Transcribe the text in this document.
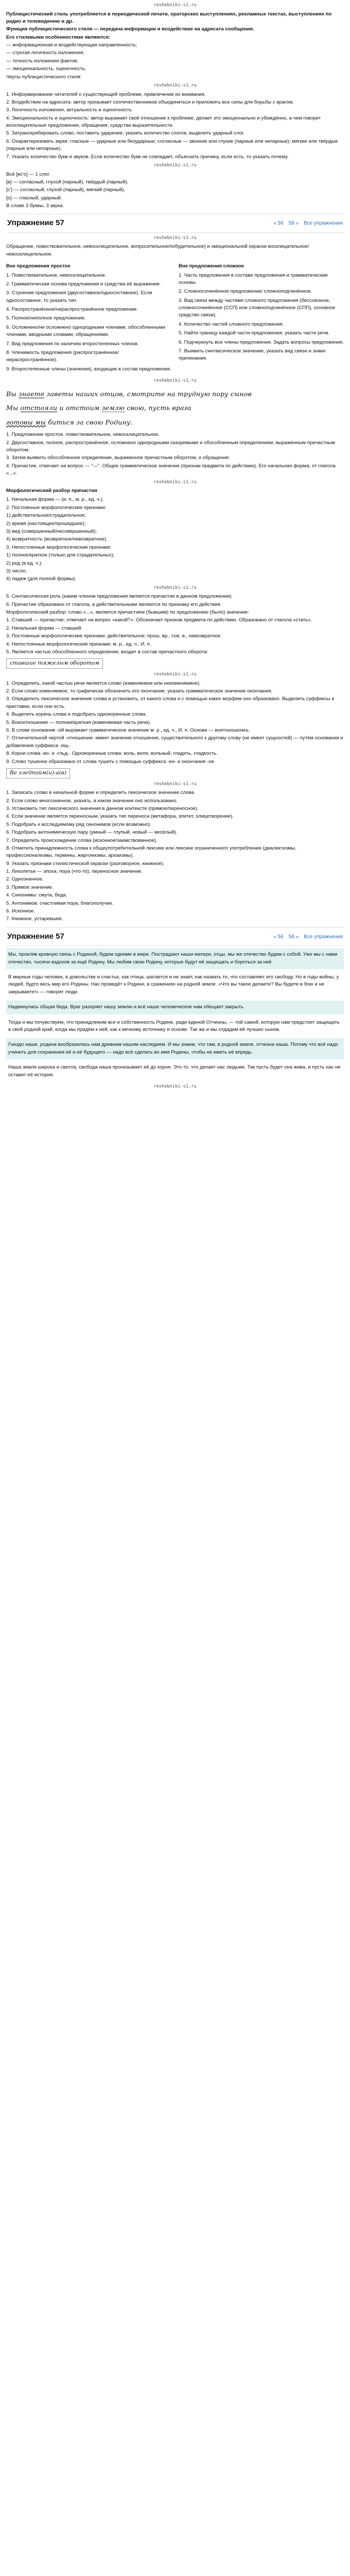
reshebniki-s1.ru

Публицистический стиль употребляется в периодической печати, ораторских выступлениях, рекламных текстах, выступлениях по радио и телевидению и др.

Функция публицистического стиля — передача информации и воздействие на адресата сообщения.

Его стилевыми особенностями являются:

— информационная и воздействующая направленность;

— строгая логичность изложения;

— точность изложения фактов;

— эмоциональность, оценочность.

Черты публицистического стиля:

reshebniki-s1.ru

1. Информирование читателей о существующей проблеме, привлечение их внимания.

2. Воздействие на адресата: автор призывает соотечественников объединиться и приложить все силы для борьбы с врагом.

3. Логичность изложения, актуальность и оценочность.

4. Эмоциональность и оценочность: автор выражает своё отношение к проблеме, делает это эмоционально и убеждённо, а чем говорит восклицательные предложения, обращения, средства выразительности.

5. Затранскрибировать слово, поставить ударение, указать количество слогов, выделить ударный слог.

6. Охарактеризовать звуки: гласные — ударные или безударные; согласные — звонкие или глухие (парные или непарные); мягкие или твёрдые (парные или непарные).

7. Указать количество букв и звуков. Если количество букв не совпадает, объяснить причину, если есть, то указать почему.

reshebniki-s1.ru

Всё [вс'о] — 1 слог.

[в] — согласный, глухой (парный), твёрдый (парный).

[с'] — согласный, глухой (парный), мягкий (парный).

[о] — гласный, ударный.

В слове 3 буквы, 3 звука.

Упражнение 57	« 56 58 » Все упражнения
reshebniki-s1.ru

Обращение, повествовательное, невосклицательное, вопросительное/побудительное) и эмоциональной окраски восклицательное/невосклицательное.

Вне предложения простое

1. Повествовательное, невосклицательное.

2. Грамматическая основа предложения и средства её выражения.

3. Строение предложения (двусоставное/односоставное). Если односоставное, то указать тип.

4. Распространённое/нераспространённое предложение.

5. Полное/неполное предложение.

6. Осложнено/не осложнено однородными членами, обособленными членами, вводными словами, обращениями.

7. Вид предложения по наличию второстепенных членов.

8. Членимость предложения (распространённое/ нераспространённое).

9. Второстепенные члены (значения), входящие в состав предложения.

Вне предложения сложное

1. Часть предложения в составе предложения и грамматические основы.

2. Сложносочинённое предложение/ сложноподчинённое.

3. Вид связи между частями сложного предложения (бессоюзное, сложносочинённое (ССП) или сложноподчинённое (СПП), основное средство связи).

4. Количество частей сложного предложения.

5. Найти границу каждой части предложения, указать части речи.

6. Подчеркнуть все члены предложения. Задать вопросы предложения.

7. Выявить синтаксическое значение, указать вид связи и знаки препинания.

reshebniki-s1.ru
Вы знаете заветы наших отцов, смотрите на трудную пору сынов
Мы отстояли и отстоим землю свою, пусть врага
готовы мы биться за свою Родину.

1. Предложение простое, повествовательное, невосклицательное.

2. Двусоставное, полное, распространённое, осложнено однородными сказуемыми и обособленным определением, выраженным причастным оборотом.

3. Затем выявить обособленное определение, выраженное причастным оборотом, и обращение.

4. Причастие, отвечает на вопрос — "—". Общее грамматическое значение (признак предмета по действию). Его начальная форма, от глагола «...».

reshebniki-s1.ru

Морфологический разбор причастия

1. Начальная форма — (и. п., м. р., ед. ч.).

2. Постоянные морфологические признаки:

1) действительное/страдательное;

2) время (настоящее/прошедшее);

3) вид (совершенный/несовершенный);

4) возвратность (возвратное/невозвратное).

3. Непостоянные морфологические признаки:

1) полное/краткое (только для страдательных);

2) род (в ед. ч.);

3) число;

4) падеж (для полной формы).

reshebniki-s1.ru

5. Синтаксическая роль (каким членом предложения является причастие в данном предложении).

6. Причастие образовано от глагола, а действительными являются по признаку его действия.

Морфологический разбор: слово «...», является причастием (бывшим) по предложению (было) значение:

1. Ставший — причастие; отвечает на вопрос «какой?». Обозначает признак предмета по действию. Образовано от глагола «стать».

2. Начальная форма — ставший.

3. Постоянные морфологические признаки: действительное; прош. вр., сов. в., невозвратное.

4. Непостоянные морфологические признаки: м. р., ед. ч., И. п.

5. Является частью обособленного определения, входит в состав причастного оборота:

ставшие тяжелым оборотом
reshebniki-s1.ru

1. Определить, какой частью речи является слово (изменяемое или неизменяемое).

2. Если слово изменяемое, то графически обозначить его окончание, указать грамматическое значение окончания.

3. Определить лексическое значение слова и установить, от какого слова и с помощью каких морфем оно образовано. Выделить суффиксы и приставки, если они есть.

4. Выделить корень слова и подобрать однокоренные слова.

5. Вокоотношение — полная/краткая (изменяемая часть речи).

6. В слове основание -ой выражает грамматическое значение м. р., ед. ч., И. п. Основа — воетоношениъ.

7. Отличительной чертой -отношение- имеет значение отношения, существительного к другому слову (не имеет сущностей) — путём основания и добавления суффикса -ищ-.

8. Корни слова -во- и -гльд-. Однокоренные слова: воль, воля, вольный, гладить, гладкость.

9. Слово тушеное образовано от слова тушить с помощью суффикса -ен- и окончания -ое.

Ве злеїтойм(и)-а(в)
reshebniki-s1.ru

1. Записать слово в начальной форме и определить лексическое значение слова.

2. Если слово многозначное, указать, в каком значении оно использовано.

3. Установить тип лексического значения в данном контексте (прямое/переносное).

4. Если значение является переносным, указать тип переноса (метафора, эпитет, олицетворение).

5. Подобрать к исследуемому ряд синонимов (если возможно).

6. Подобрать антонимическую пару (умный — глупый, новый — весёлый).

7. Определить происхождение слова (исконное/заимствованное).

8. Отметить принадлежность слова к общеупотребительной лексике или лексике ограниченного употребления (диалектизмы, профессионализмы, термины, жаргонизмы, архаизмы).

9. Указать признаки стилистической окраски (разговорное, книжное).

1. Лихолетье — эпоха, пора (что-то), переносное значение.

2. Однозначное.

3. Прямое значение.

4. Синонимы: смута, беда.

5. Антонимов: счастливая пора, благополучие.

6. Исконное.

7. Книжное, устаревшее.

Упражнение 57	« 56 58 » Все упражнения

Мы, прокляв кровную связь с Родиной, будем одними в мире. Пострадают наши матери, отцы, мы же отечество будем с собой. Уже мы с нами отечество, тысячи вздохов за ещё Родину. Мы любим свою Родину, которые будут её защищать и бороться за неё.

В мирные годы человек, в довольстве и счастье, как птица, шатается и не знает, как назвать то, что составляет его свободу. Но в годы войны, у людей, будто весь мир его Родины. Нас проведёт к Родине, в сражениях на родной земле. «Что вы такое делаете? Вы будете в бою и не закрываете!» — говорят люди.

Надвинулась общая беда. Враг разоряет нашу землю и всё наше человеческое нам обещает закрыть.

Тогда и мы почувствуем, что принадлежим все и собственность Родине, ради единой Отчизны, — той самой, которую нам предстоит защищать в свой родной край, когда мы придём к ней, как к вечному источнику и основе. Так же и мы отдадим ей лучших сынов.

Гнездо наше, родина вообразилась нам древним нашим наследием. И мы знаем, что там, в родной земле, отчизна наша. Потому что всё надо учинить для сохранения её и её будущего — надо всё сделать во имя Родины, чтобы не иметь её впредь.

Наша земля широка и светла, свобода наша пронизывает её до корня. Это то, что делает нас людьми. Так пусть будет она жива, и пусть нас не оставит её история.

reshebniki-s1.ru
